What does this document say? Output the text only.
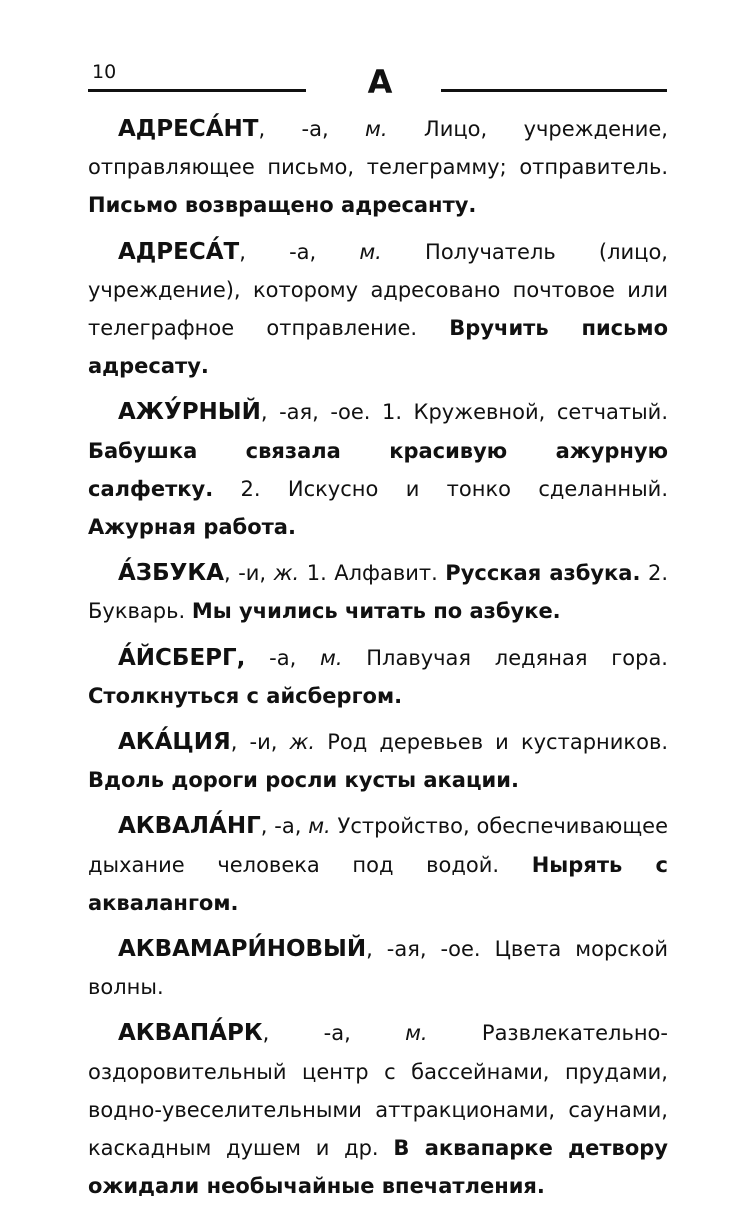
10	А

АДРЕСА́НТ, -а, м. Лицо, учреждение, отправляющее письмо, телеграмму; отправитель. Письмо возвращено адресанту.

АДРЕСА́Т, -а, м. Получатель (лицо, учреждение), которому адресовано почтовое или телеграфное отправление. Вручить письмо адресату.

АЖУ́РНЫЙ, -ая, -ое. 1. Кружевной, сетчатый. Бабушка связала красивую ажурную салфетку. 2. Искусно и тонко сделанный. Ажурная работа.

А́ЗБУКА, -и, ж. 1. Алфавит. Русская азбука. 2. Букварь. Мы учились читать по азбуке.

А́ЙСБЕРГ, -а, м. Плавучая ледяная гора. Столкнуться с айсбергом.

АКА́ЦИЯ, -и, ж. Род деревьев и кустарников. Вдоль дороги росли кусты акации.

АКВАЛА́НГ, -а, м. Устройство, обеспечивающее дыхание человека под водой. Нырять с аквалангом.

АКВАМАРИ́НОВЫЙ, -ая, -ое. Цвета морской волны.

АКВАПА́РК, -а, м. Развлекательно-оздоровительный центр с бассейнами, прудами, водно-увеселительными аттракционами, саунами, каскадным душем и др. В аквапарке детвору ожидали необычайные впечатления.
